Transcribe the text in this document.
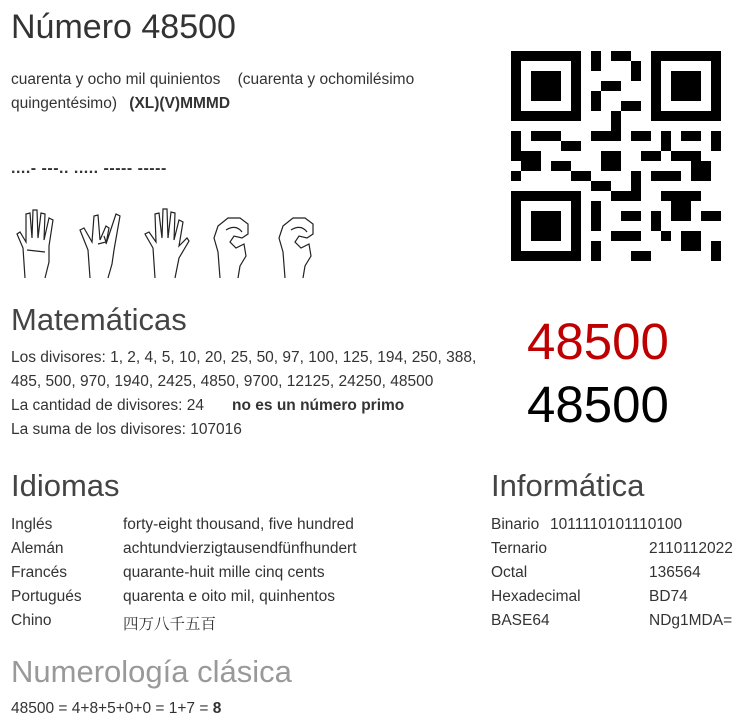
Número 48500
cuarenta y ocho mil quinientos (cuarenta y ochomilésimo quingentésimo) (XL)(V)MMMD
....- ---.. ..... ----- -----
Matemáticas
Los divisores: 1, 2, 4, 5, 10, 20, 25, 50, 97, 100, 125, 194, 250, 388, 485, 500, 970, 1940, 2425, 4850, 9700, 12125, 24250, 48500
La cantidad de divisores: 24 no es un número primo
La suma de los divisores: 107016
48500
48500
Idiomas
Inglés	forty-eight thousand, five hundred
Alemán	achtundvierzigtausendfünfhundert
Francés	quarante-huit mille cinq cents
Portugués	quarenta e oito mil, quinhentos
Chino	四万八千五百
Informática
Binario 1011110101110100
Ternario	2110112022
Octal	136564
Hexadecimal	BD74
BASE64	NDg1MDA=
Numerología clásica
48500 = 4+8+5+0+0 = 1+7 = 8
